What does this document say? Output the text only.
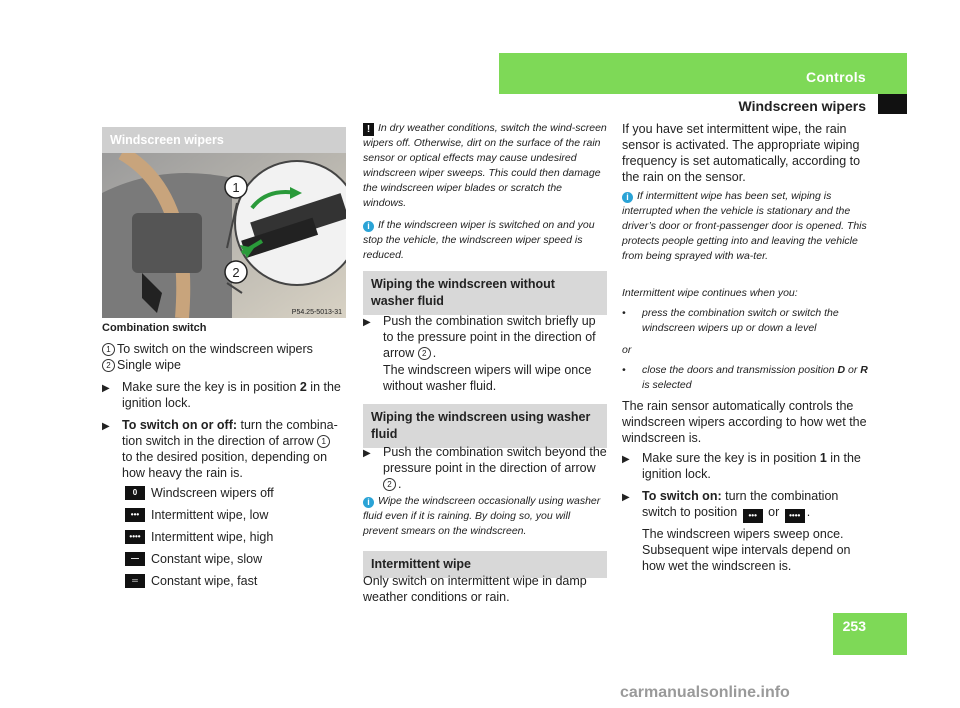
Controls
Windscreen wipers
253
Windscreen wipers
1
2
P54.25-5013-31
Combination switch
1 To switch on the windscreen wipers
2 Single wipe
▶
Make sure the key is in position 2 in the ignition lock.
▶
To switch on or off: turn the combina-tion switch in the direction of arrow 1 to the desired position, depending on how heavy the rain is.
0	Windscreen wipers off
••• Intermittent wipe, low
•••• Intermittent wipe, high
— Constant wipe, slow
═	Constant wipe, fast
! In dry weather conditions, switch the wind-screen wipers off. Otherwise, dirt on the surface of the rain sensor or optical effects may cause undesired windscreen wiper sweeps. This could then damage the windscreen wiper blades or scratch the windows.
i If the windscreen wiper is switched on and you stop the vehicle, the windscreen wiper speed is reduced.
Wiping the windscreen without washer fluid
▶
Push the combination switch briefly up to the pressure point in the direction of arrow 2 .
The windscreen wipers will wipe once without washer fluid.
Wiping the windscreen using washer fluid
▶
Push the combination switch beyond the pressure point in the direction of arrow 2 .
i Wipe the windscreen occasionally using washer fluid even if it is raining. By doing so, you will prevent smears on the windscreen.
Intermittent wipe
Only switch on intermittent wipe in damp weather conditions or rain.
If you have set intermittent wipe, the rain sensor is activated. The appropriate wiping frequency is set automatically, according to the rain on the sensor.
i If intermittent wipe has been set, wiping is interrupted when the vehicle is stationary and the driver’s door or front-passenger door is opened. This protects people getting into and leaving the vehicle from being sprayed with wa-ter.
Intermittent wipe continues when you:
•	press the combination switch or switch the windscreen wipers up or down a level
or
•	close the doors and transmission position D or R is selected
The rain sensor automatically controls the windscreen wipers according to how wet the windscreen is.
▶
Make sure the key is in position 1 in the ignition lock.
▶
To switch on: turn the combination switch to position ••• or •••• .
The windscreen wipers sweep once. Subsequent wipe intervals depend on how wet the windscreen is.
carmanualsonline.info
